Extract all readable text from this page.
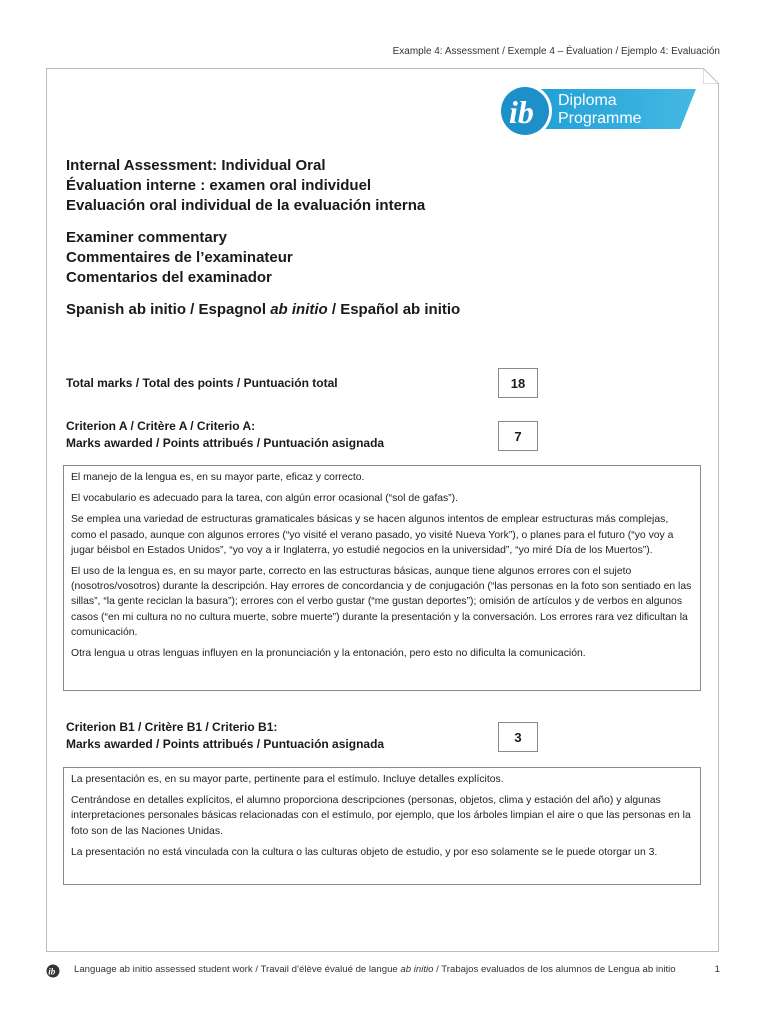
Example 4: Assessment / Exemple 4 – Évaluation / Ejemplo 4: Evaluación
ib Diploma
Programme
Internal Assessment: Individual Oral
Évaluation interne : examen oral individuel
Evaluación oral individual de la evaluación interna
Examiner commentary
Commentaires de l’examinateur
Comentarios del examinador
Spanish ab initio / Espagnol ab initio / Español ab initio
Total marks / Total des points / Puntuación total	18
Criterion A / Critère A / Criterio A:
Marks awarded / Points attribués / Puntuación asignada	7

El manejo de la lengua es, en su mayor parte, eficaz y correcto.

El vocabulario es adecuado para la tarea, con algún error ocasional (“sol de gafas”).

Se emplea una variedad de estructuras gramaticales básicas y se hacen algunos intentos de emplear estructuras más complejas, como el pasado, aunque con algunos errores (“yo visité el verano pasado, yo visité Nueva York”), o planes para el futuro (“yo voy a jugar béisbol en Estados Unidos”, “yo voy a ir Inglaterra, yo estudié negocios en la universidad”, “yo miré Día de los Muertos”).

El uso de la lengua es, en su mayor parte, correcto en las estructuras básicas, aunque tiene algunos errores con el sujeto (nosotros/vosotros) durante la descripción. Hay errores de concordancia y de conjugación (“las personas en la foto son sentiado en las sillas”, “la gente reciclan la basura”); errores con el verbo gustar (“me gustan deportes”); omisión de artículos y de verbos en algunos casos (“en mi cultura no no cultura muerte, sobre muerte”) durante la presentación y la conversación. Los errores rara vez dificultan la comunicación.

Otra lengua u otras lenguas influyen en la pronunciación y la entonación, pero esto no dificulta la comunicación.

Criterion B1 / Critère B1 / Criterio B1:
Marks awarded / Points attribués / Puntuación asignada	3

La presentación es, en su mayor parte, pertinente para el estímulo. Incluye detalles explícitos.

Centrándose en detalles explícitos, el alumno proporciona descripciones (personas, objetos, clima y estación del año) y algunas interpretaciones personales básicas relacionadas con el estímulo, por ejemplo, que los árboles limpian el aire o que las personas en la foto son de las Naciones Unidas.

La presentación no está vinculada con la cultura o las culturas objeto de estudio, y por eso solamente se le puede otorgar un 3.

ib Language ab initio assessed student work / Travail d’élève évalué de langue ab initio / Trabajos evaluados de los alumnos de Lengua ab initio	1
